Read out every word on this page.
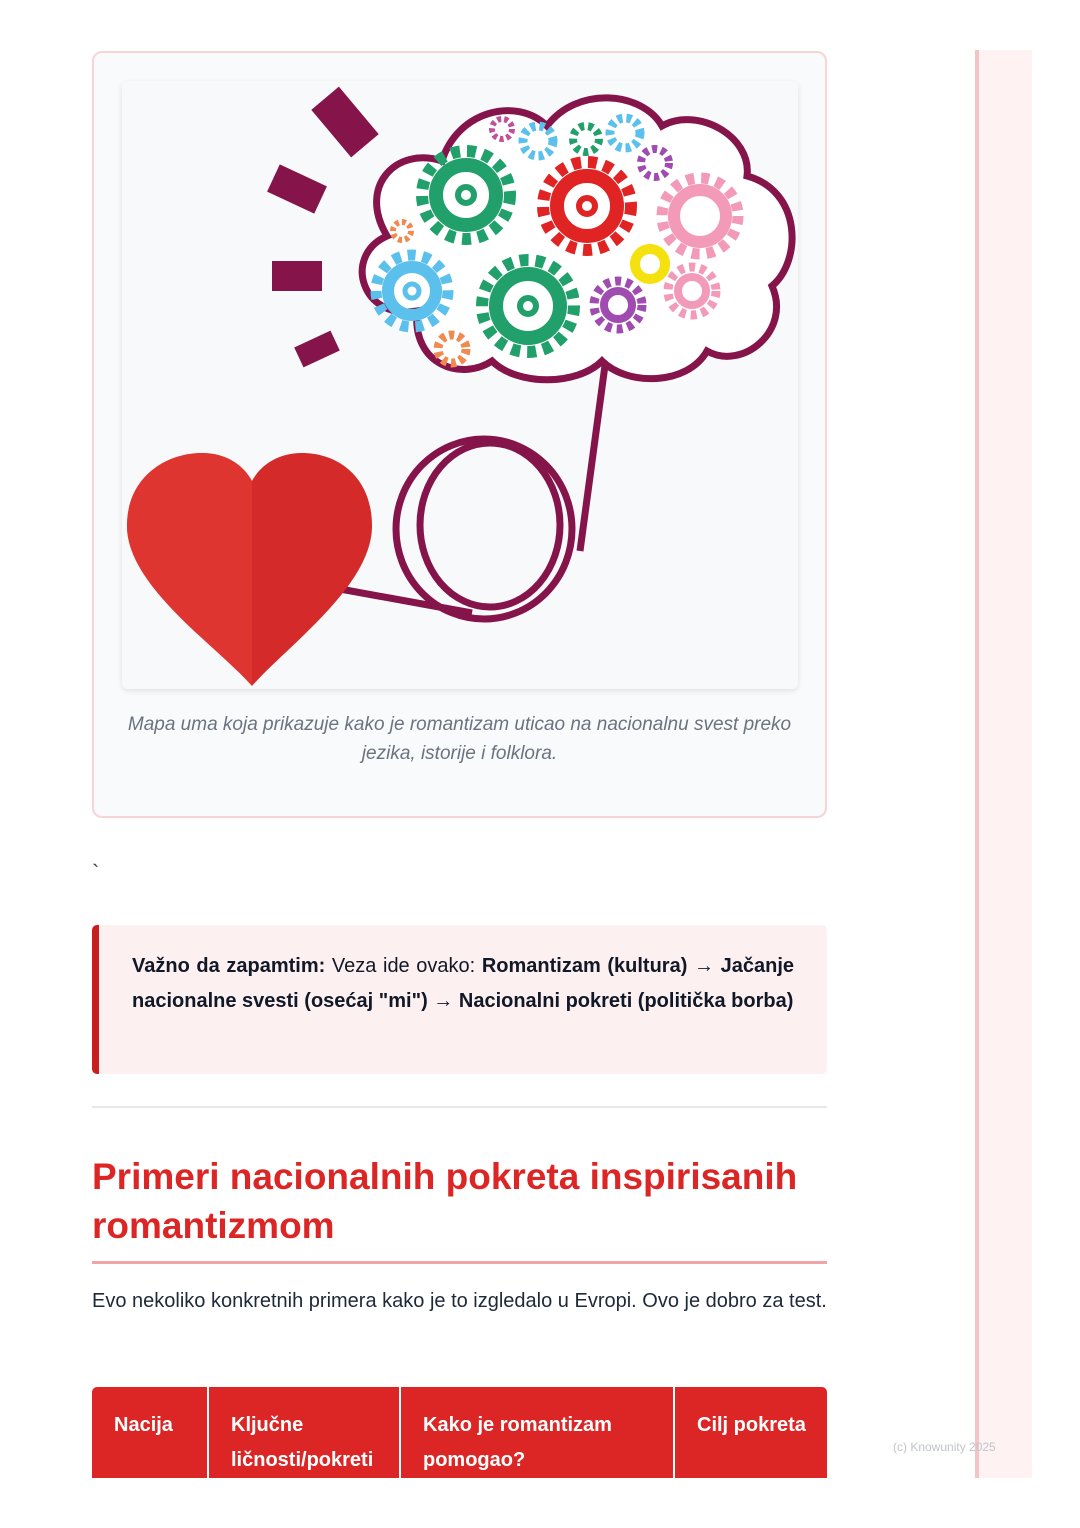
Mapa uma koja prikazuje kako je romantizam uticao na nacionalnu svest preko jezika, istorije i folklora.
`
Važno da zapamtim: Veza ide ovako: Romantizam (kultura) → Jačanje nacionalne svesti (osećaj "mi") → Nacionalni pokreti (politička borba)
Primeri nacionalnih pokreta inspirisanih romantizmom

Evo nekoliko konkretnih primera kako je to izgledalo u Evropi. Ovo je dobro za test.

Nacija	Ključne ličnosti/pokreti	Kako je romantizam pomogao?	Cilj pokreta
(c) Knowunity 2025
